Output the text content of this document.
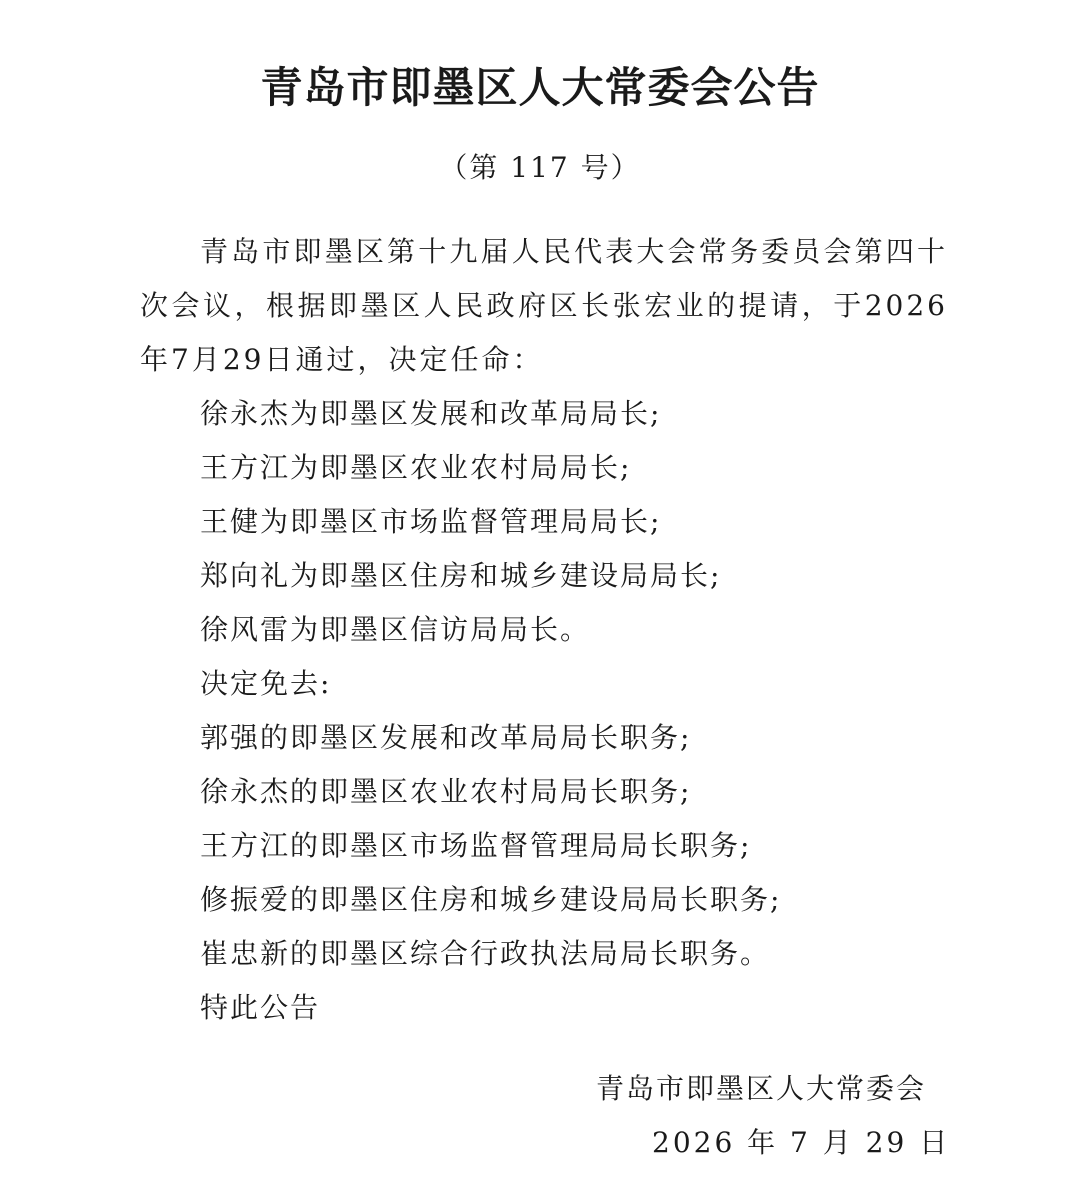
青岛市即墨区人大常委会公告
（第 117 号）

青岛市即墨区第十九届人民代表大会常务委员会第四十次会议，根据即墨区人民政府区长张宏业的提请，于2026年7月29日通过，决定任命：

徐永杰为即墨区发展和改革局局长;

王方江为即墨区农业农村局局长;

王健为即墨区市场监督管理局局长;

郑向礼为即墨区住房和城乡建设局局长;

徐风雷为即墨区信访局局长。

决定免去:

郭强的即墨区发展和改革局局长职务;

徐永杰的即墨区农业农村局局长职务;

王方江的即墨区市场监督管理局局长职务;

修振爱的即墨区住房和城乡建设局局长职务;

崔忠新的即墨区综合行政执法局局长职务。

特此公告

青岛市即墨区人大常委会
2026 年 7 月 29 日
